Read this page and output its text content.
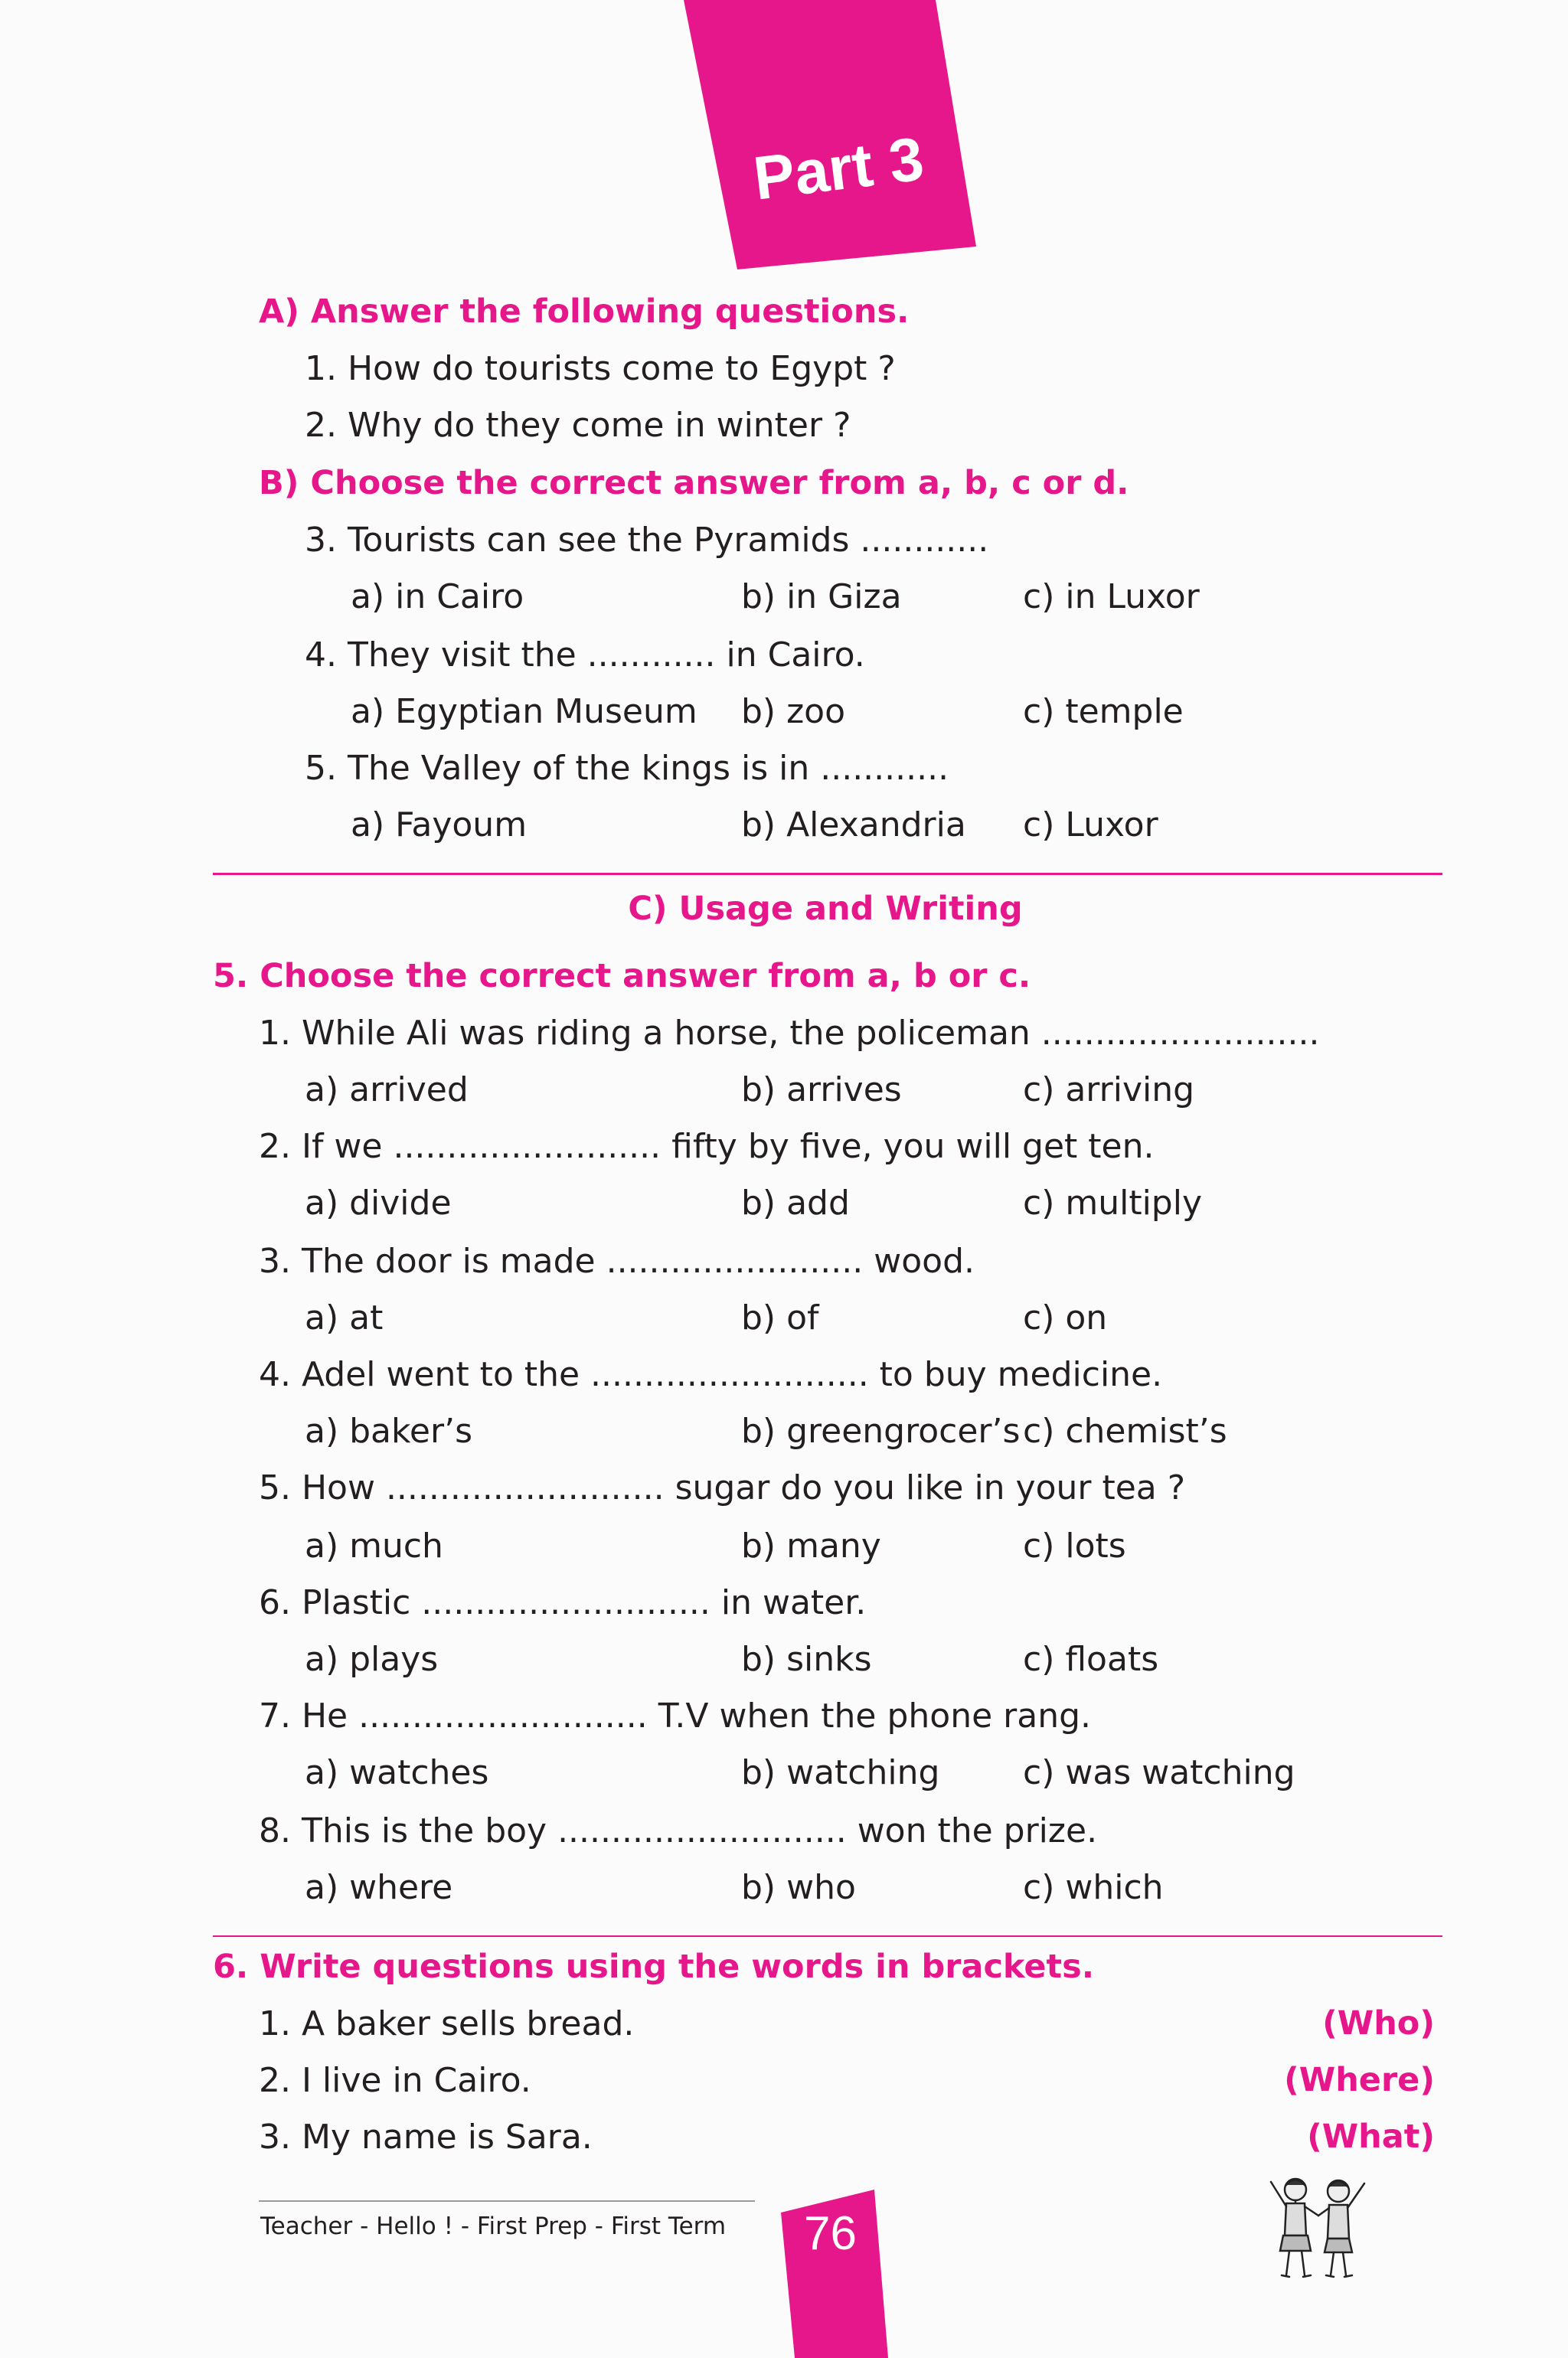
Part 3
A) Answer the following questions.
1. How do tourists come to Egypt ?
2. Why do they come in winter ?
B) Choose the correct answer from a, b, c or d.
3. Tourists can see the Pyramids ............
a) in Cairo	b) in Giza	c) in Luxor
4. They visit the ............ in Cairo.
a) Egyptian Museum b) zoo	c) temple
5. The Valley of the kings is in ............
a) Fayoum	b) Alexandria c) Luxor
C) Usage and Writing
5. Choose the correct answer from a, b or c.
1. While Ali was riding a horse, the policeman ..........................
a) arrived	b) arrives	c) arriving
2. If we ......................... fifty by five, you will get ten.
a) divide	b) add	c) multiply
3. The door is made ........................ wood.
a) at	b) of	c) on
4. Adel went to the .......................... to buy medicine.
a) baker’s	b) greengrocer’s c) chemist’s
5. How .......................... sugar do you like in your tea ?
a) much	b) many	c) lots
6. Plastic ........................... in water.
a) plays	b) sinks	c) floats
7. He ........................... T.V when the phone rang.
a) watches	b) watching c) was watching
8. This is the boy ........................... won the prize.
a) where	b) who	c) which
6. Write questions using the words in brackets.
1. A baker sells bread.	(Who)
2. I live in Cairo.	(Where)
3. My name is Sara.	(What)
Teacher - Hello ! - First Prep - First Term 76
